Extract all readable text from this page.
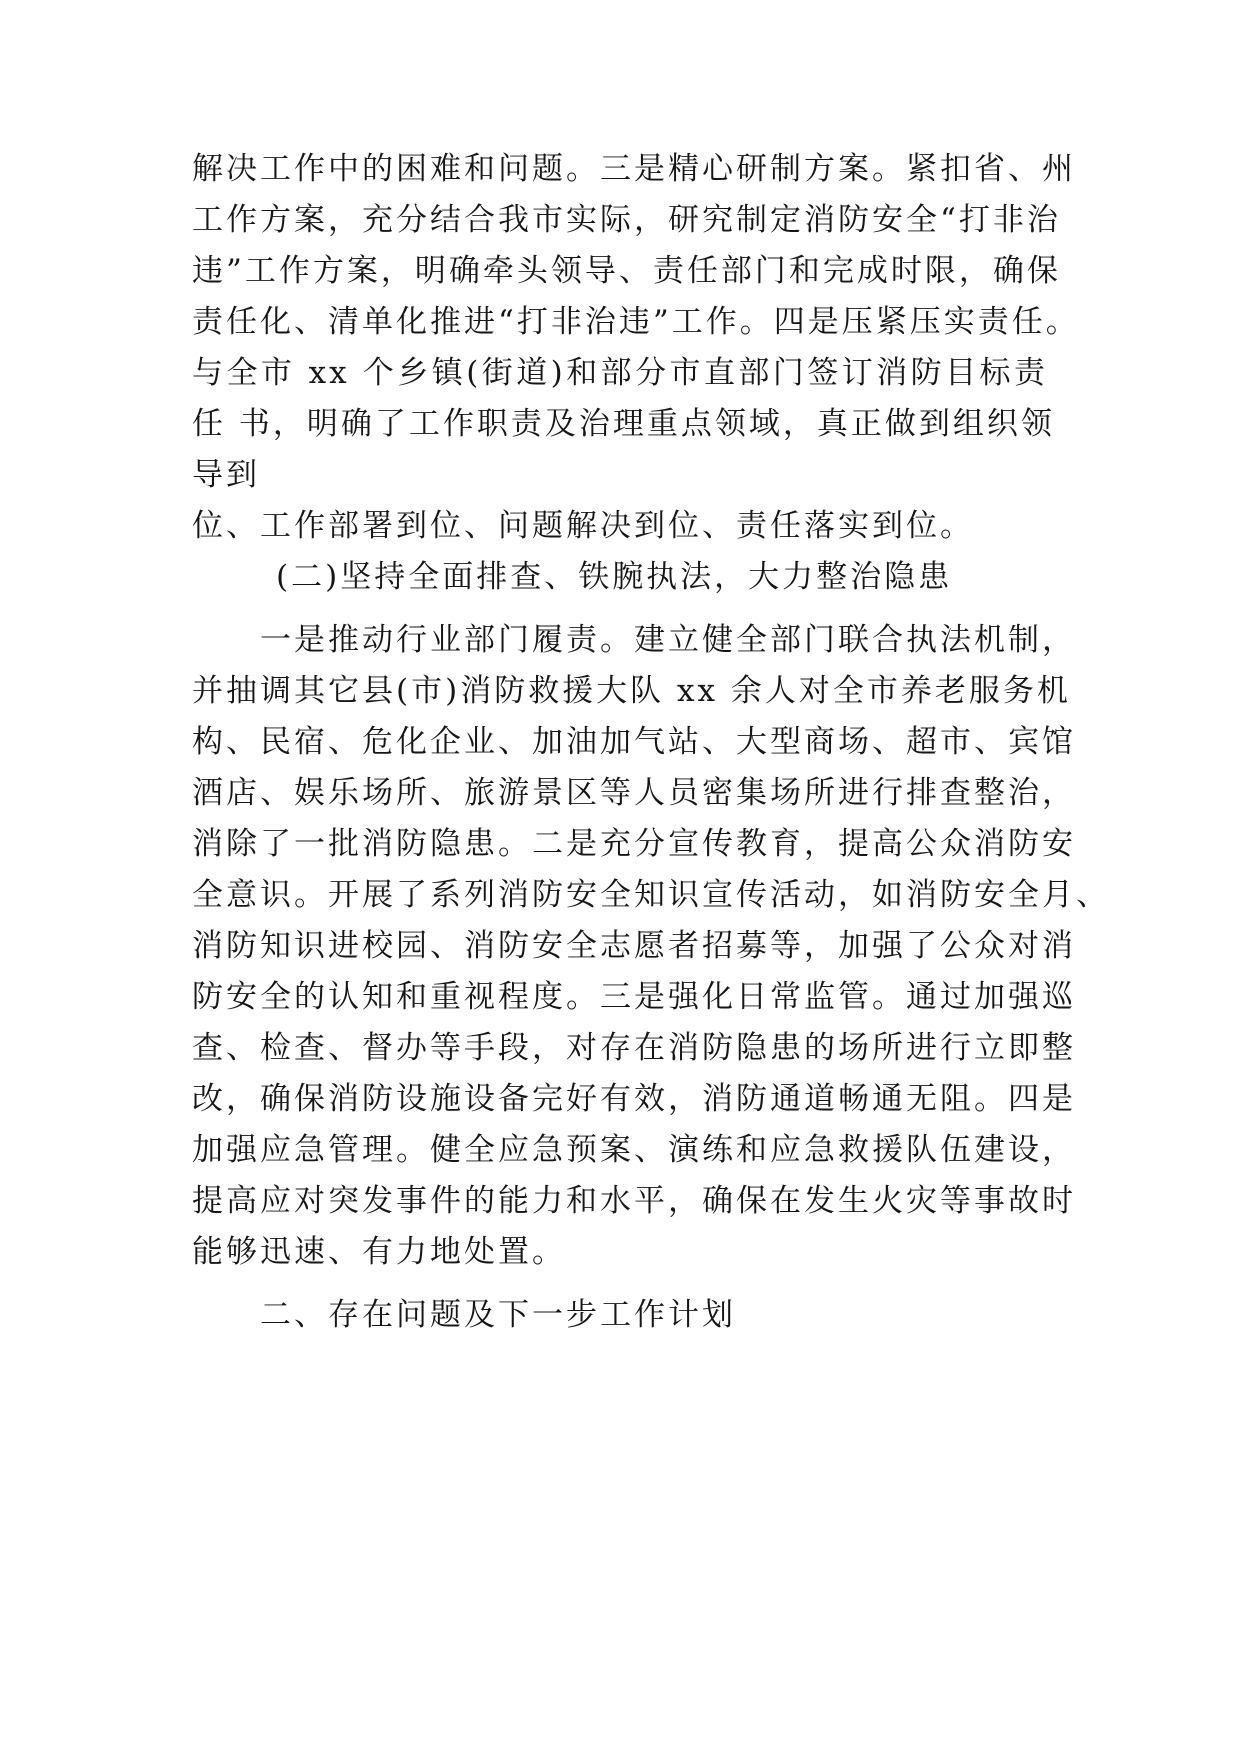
解决工作中的困难和问题。三是精心研制方案。紧扣省、州

工作方案，充分结合我市实际，研究制定消防安全“打非治

违”工作方案，明确牵头领导、责任部门和完成时限，确保

责任化、清单化推进“打非治违”工作。四是压紧压实责任。

与全市 xx 个乡镇(街道)和部分市直部门签订消防目标责

任 书，明确了工作职责及治理重点领域，真正做到组织领

导到

位、工作部署到位、问题解决到位、责任落实到位。

(二)坚持全面排查、铁腕执法，大力整治隐患

一是推动行业部门履责。建立健全部门联合执法机制，

并抽调其它县(市)消防救援大队 xx 余人对全市养老服务机

构、民宿、危化企业、加油加气站、大型商场、超市、宾馆

酒店、娱乐场所、旅游景区等人员密集场所进行排查整治，

消除了一批消防隐患。二是充分宣传教育，提高公众消防安

全意识。开展了系列消防安全知识宣传活动，如消防安全月、

消防知识进校园、消防安全志愿者招募等，加强了公众对消

防安全的认知和重视程度。三是强化日常监管。通过加强巡

查、检查、督办等手段，对存在消防隐患的场所进行立即整

改，确保消防设施设备完好有效，消防通道畅通无阻。四是

加强应急管理。健全应急预案、演练和应急救援队伍建设，

提高应对突发事件的能力和水平，确保在发生火灾等事故时

能够迅速、有力地处置。

二、存在问题及下一步工作计划
